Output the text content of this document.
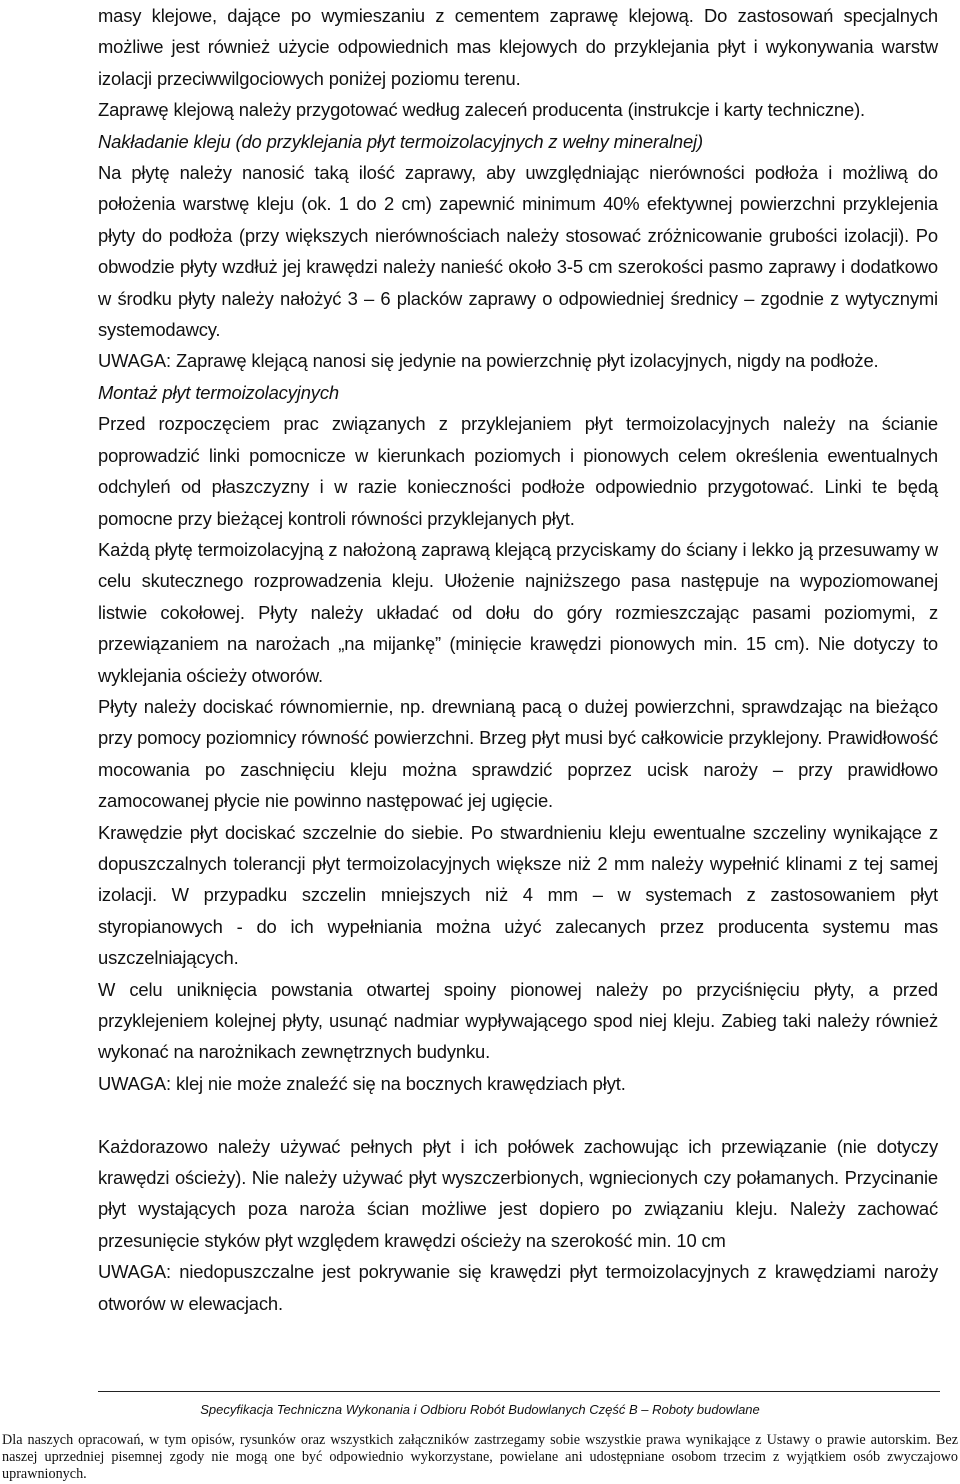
masy klejowe, dające po wymieszaniu z cementem zaprawę klejową. Do zastosowań specjalnych możliwe jest również użycie odpowiednich mas klejowych do przyklejania płyt i wykonywania warstw izolacji przeciwwilgociowych poniżej poziomu terenu.

Zaprawę klejową należy przygotować według zaleceń producenta (instrukcje i karty techniczne).

Nakładanie kleju (do przyklejania płyt termoizolacyjnych z wełny mineralnej)

Na płytę należy nanosić taką ilość zaprawy, aby uwzględniając nierówności podłoża i możliwą do położenia warstwę kleju (ok. 1 do 2 cm) zapewnić minimum 40% efektywnej powierzchni przyklejenia płyty do podłoża (przy większych nierównościach należy stosować zróżnicowanie grubości izolacji). Po obwodzie płyty wzdłuż jej krawędzi należy nanieść około 3-5 cm szerokości pasmo zaprawy i dodatkowo w środku płyty należy nałożyć 3 – 6 placków zaprawy o odpowiedniej średnicy – zgodnie z wytycznymi systemodawcy.

UWAGA: Zaprawę klejącą nanosi się jedynie na powierzchnię płyt izolacyjnych, nigdy na podłoże.

Montaż płyt termoizolacyjnych

Przed rozpoczęciem prac związanych z przyklejaniem płyt termoizolacyjnych należy na ścianie poprowadzić linki pomocnicze w kierunkach poziomych i pionowych celem określenia ewentualnych odchyleń od płaszczyzny i w razie konieczności podłoże odpowiednio przygotować. Linki te będą pomocne przy bieżącej kontroli równości przyklejanych płyt.

Każdą płytę termoizolacyjną z nałożoną zaprawą klejącą przyciskamy do ściany i lekko ją przesuwamy w celu skutecznego rozprowadzenia kleju. Ułożenie najniższego pasa następuje na wypoziomowanej listwie cokołowej. Płyty należy układać od dołu do góry rozmieszczając pasami poziomymi, z przewiązaniem na narożach „na mijankę” (minięcie krawędzi pionowych min. 15 cm). Nie dotyczy to wyklejania ościeży otworów.

Płyty należy dociskać równomiernie, np. drewnianą pacą o dużej powierzchni, sprawdzając na bieżąco przy pomocy poziomnicy równość powierzchni. Brzeg płyt musi być całkowicie przyklejony. Prawidłowość mocowania po zaschnięciu kleju można sprawdzić poprzez ucisk naroży – przy prawidłowo zamocowanej płycie nie powinno następować jej ugięcie.

Krawędzie płyt dociskać szczelnie do siebie. Po stwardnieniu kleju ewentualne szczeliny wynikające z dopuszczalnych tolerancji płyt termoizolacyjnych większe niż 2 mm należy wypełnić klinami z tej samej izolacji. W przypadku szczelin mniejszych niż 4 mm – w systemach z zastosowaniem płyt styropianowych - do ich wypełniania można użyć zalecanych przez producenta systemu mas uszczelniających.

W celu uniknięcia powstania otwartej spoiny pionowej należy po przyciśnięciu płyty, a przed przyklejeniem kolejnej płyty, usunąć nadmiar wypływającego spod niej kleju. Zabieg taki należy również wykonać na narożnikach zewnętrznych budynku.

UWAGA: klej nie może znaleźć się na bocznych krawędziach płyt.

Każdorazowo należy używać pełnych płyt i ich połówek zachowując ich przewiązanie (nie dotyczy krawędzi ościeży). Nie należy używać płyt wyszczerbionych, wgniecionych czy połamanych. Przycinanie płyt wystających poza naroża ścian możliwe jest dopiero po związaniu kleju. Należy zachować przesunięcie styków płyt względem krawędzi ościeży na szerokość min. 10 cm

UWAGA: niedopuszczalne jest pokrywanie się krawędzi płyt termoizolacyjnych z krawędziami naroży otworów w elewacjach.

Specyfikacja Techniczna Wykonania i Odbioru Robót Budowlanych Część B – Roboty budowlane
Dla naszych opracowań, w tym opisów, rysunków oraz wszystkich załączników zastrzegamy sobie wszystkie prawa wynikające z Ustawy o prawie autorskim. Bez naszej uprzedniej pisemnej zgody nie mogą one być odpowiednio wykorzystane, powielane ani udostępniane osobom trzecim z wyjątkiem osób zwyczajowo uprawnionych.
